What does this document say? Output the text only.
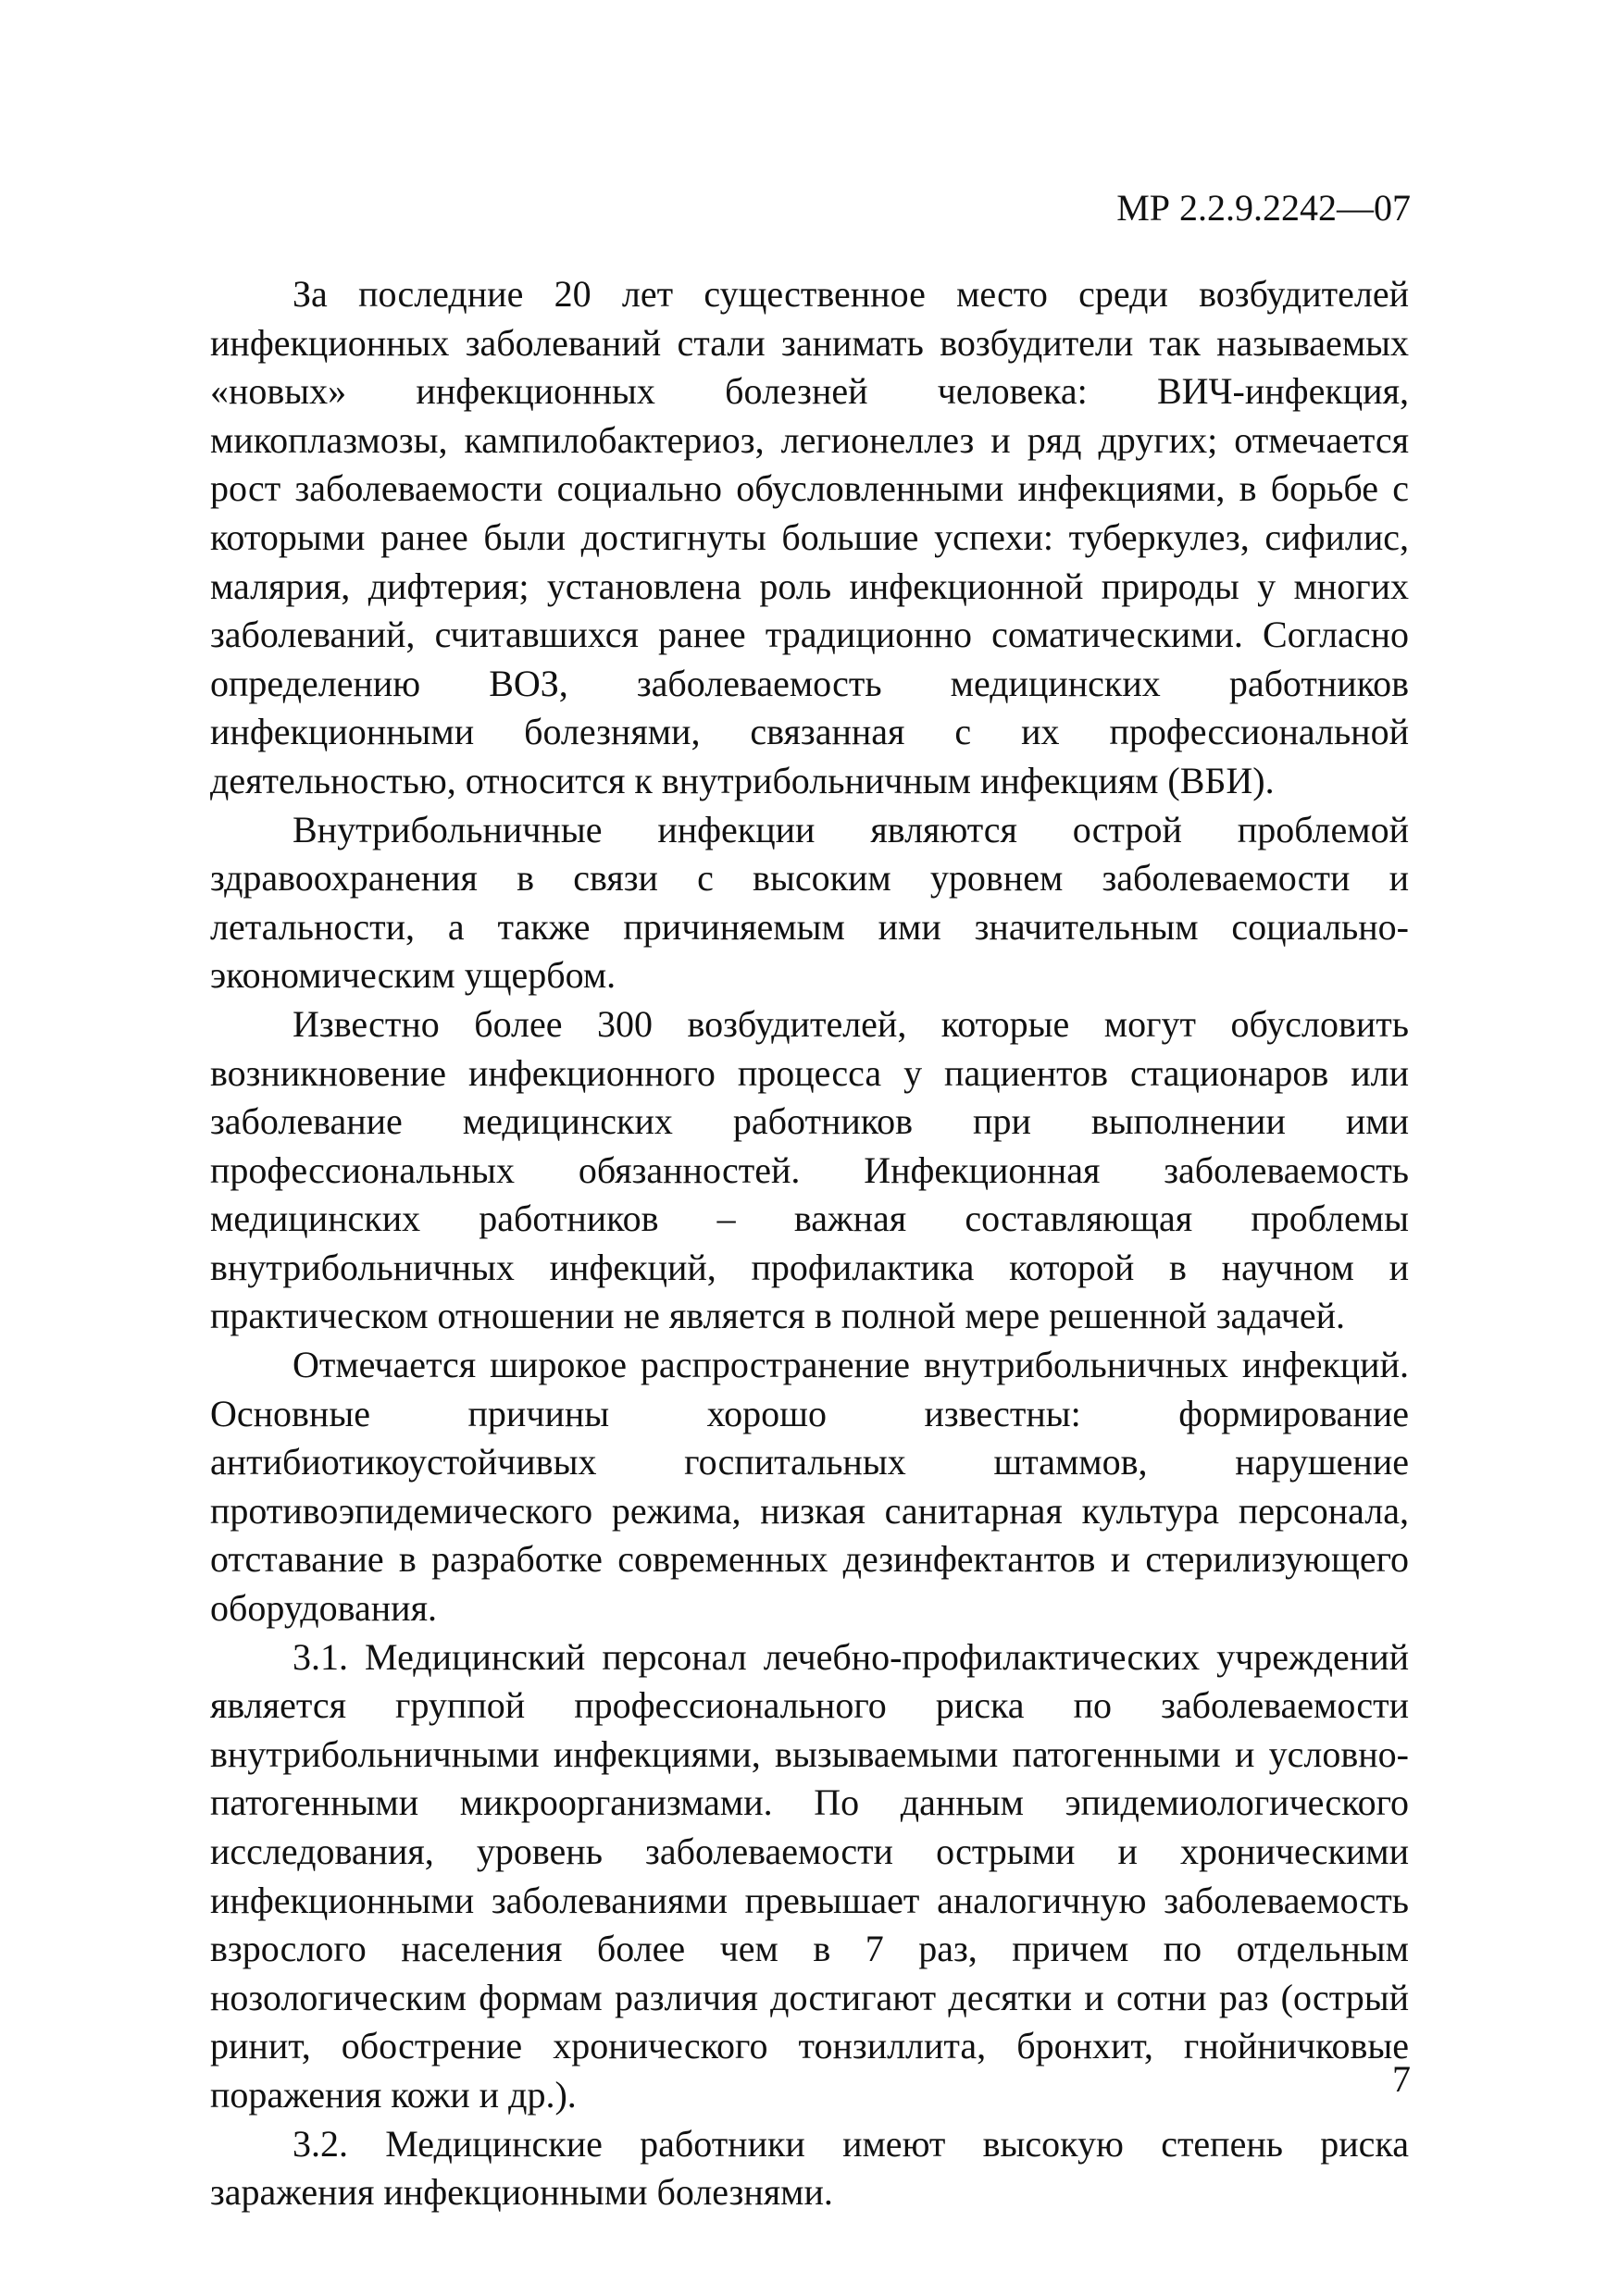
МР 2.2.9.2242—07

За последние 20 лет существенное место среди возбудителей инфекционных заболеваний стали занимать возбудители так называемых «новых» инфекционных болезней человека: ВИЧ-инфекция, микоплазмозы, кампилобактериоз, легионеллез и ряд других; отмечается рост заболеваемости социально обусловленными инфекциями, в борьбе с которыми ранее были достигнуты большие успехи: туберкулез, сифилис, малярия, дифтерия; установлена роль инфекционной природы у многих заболеваний, считавшихся ранее традиционно соматическими. Согласно определению ВОЗ, заболеваемость медицинских работников инфекционными болезнями, связанная с их профессиональной деятельностью, относится к внутрибольничным инфекциям (ВБИ).

Внутрибольничные инфекции являются острой проблемой здравоохранения в связи с высоким уровнем заболеваемости и летальности, а также причиняемым ими значительным социально-экономическим ущербом.

Известно более 300 возбудителей, которые могут обусловить возникновение инфекционного процесса у пациентов стационаров или заболевание медицинских работников при выполнении ими профессиональных обязанностей. Инфекционная заболеваемость медицинских работников – важная составляющая проблемы внутрибольничных инфекций, профилактика которой в научном и практическом отношении не является в полной мере решенной задачей.

Отмечается широкое распространение внутрибольничных инфекций. Основные причины хорошо известны: формирование антибиотикоустойчивых госпитальных штаммов, нарушение противоэпидемического режима, низкая санитарная культура персонала, отставание в разработке современных дезинфектантов и стерилизующего оборудования.

3.1. Медицинский персонал лечебно-профилактических учреждений является группой профессионального риска по заболеваемости внутрибольничными инфекциями, вызываемыми патогенными и условно-патогенными микроорганизмами. По данным эпидемиологического исследования, уровень заболеваемости острыми и хроническими инфекционными заболеваниями превышает аналогичную заболеваемость взрослого населения более чем в 7 раз, причем по отдельным нозологическим формам различия достигают десятки и сотни раз (острый ринит, обострение хронического тонзиллита, бронхит, гнойничковые поражения кожи и др.).

3.2. Медицинские работники имеют высокую степень риска заражения инфекционными болезнями.

7
